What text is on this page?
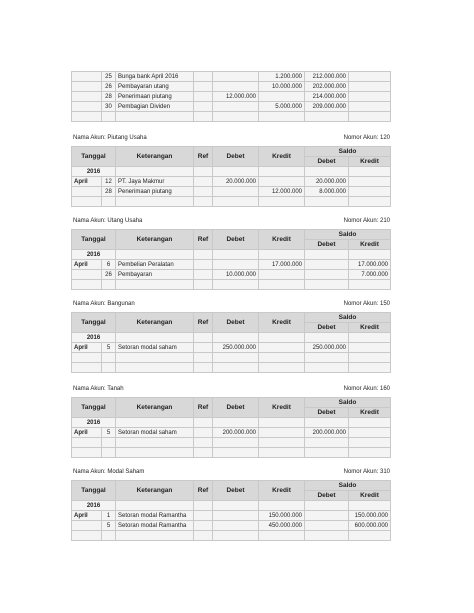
	25	Bunga bank April 2016			1.200.000	212.000.000	
	26	Pembayaran utang			10.000.000	202.000.000	
	28	Penerimaan piutang		12.000.000		214.000.000	
	30	Pembagian Dividen			5.000.000	209.000.000	

Nama Akun: Piutang Usaha	Nomor Akun: 120
Tanggal		Keterangan	Ref	Debet	Kredit	Saldo	
						Debet	Kredit
2016							
April	12	PT. Jaya Makmur		20.000.000		20.000.000	
	28	Penerimaan piutang			12.000.000	8.000.000	

Nama Akun: Utang Usaha	Nomor Akun: 210
Tanggal		Keterangan	Ref	Debet	Kredit	Saldo	
						Debet	Kredit
2016							
April	6	Pembelian Peralatan			17.000.000		17.000.000
	26	Pembayaran		10.000.000			7.000.000

Nama Akun: Bangunan	Nomor Akun: 150
Tanggal		Keterangan	Ref	Debet	Kredit	Saldo	
						Debet	Kredit
2016							
April	5	Setoran modal saham		250.000.000		250.000.000	

Nama Akun: Tanah	Nomor Akun: 160
Tanggal		Keterangan	Ref	Debet	Kredit	Saldo	
						Debet	Kredit
2016							
April	5	Setoran modal saham		200.000.000		200.000.000	

Nama Akun: Modal Saham	Nomor Akun: 310
Tanggal		Keterangan	Ref	Debet	Kredit	Saldo	
						Debet	Kredit
2016							
April	1	Setoran modal Ramantha			150.000.000		150.000.000
	5	Setoran modal Ramantha			450.000.000		600.000.000
